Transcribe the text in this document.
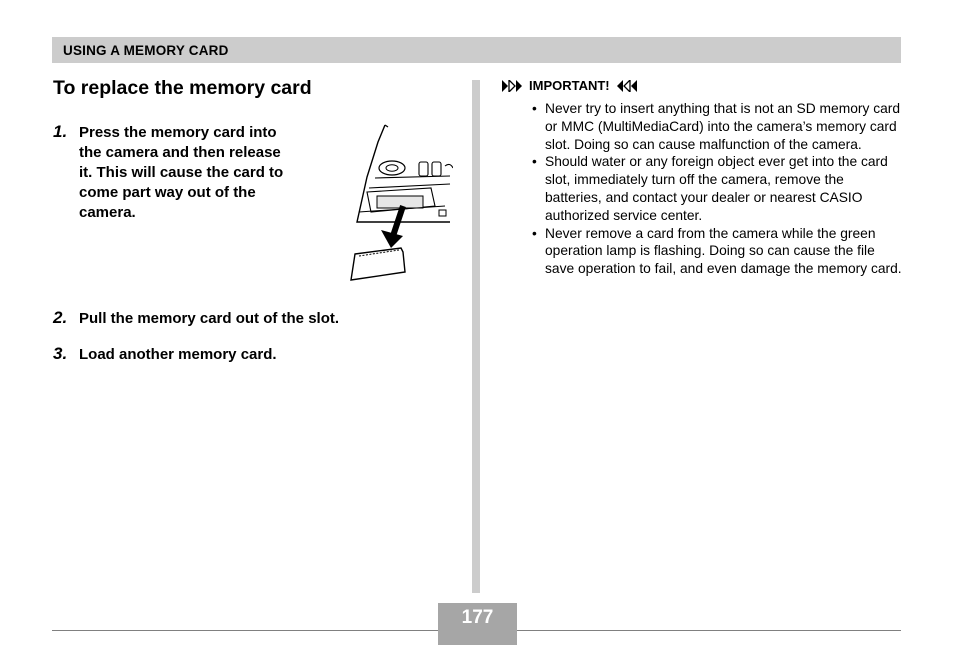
USING A MEMORY CARD
To replace the memory card
1. Press the memory card into
the camera and then release
it. This will cause the card to
come part way out of the
camera.
2. Pull the memory card out of the slot.
3. Load another memory card.
IMPORTANT!
• Never try to insert anything that is not an SD memory card or MMC (MultiMediaCard) into the camera’s memory card slot. Doing so can cause malfunction of the camera.
• Should water or any foreign object ever get into the card slot, immediately turn off the camera, remove the batteries, and contact your dealer or nearest CASIO authorized service center.
• Never remove a card from the camera while the green operation lamp is flashing. Doing so can cause the file save operation to fail, and even damage the memory card.
177
